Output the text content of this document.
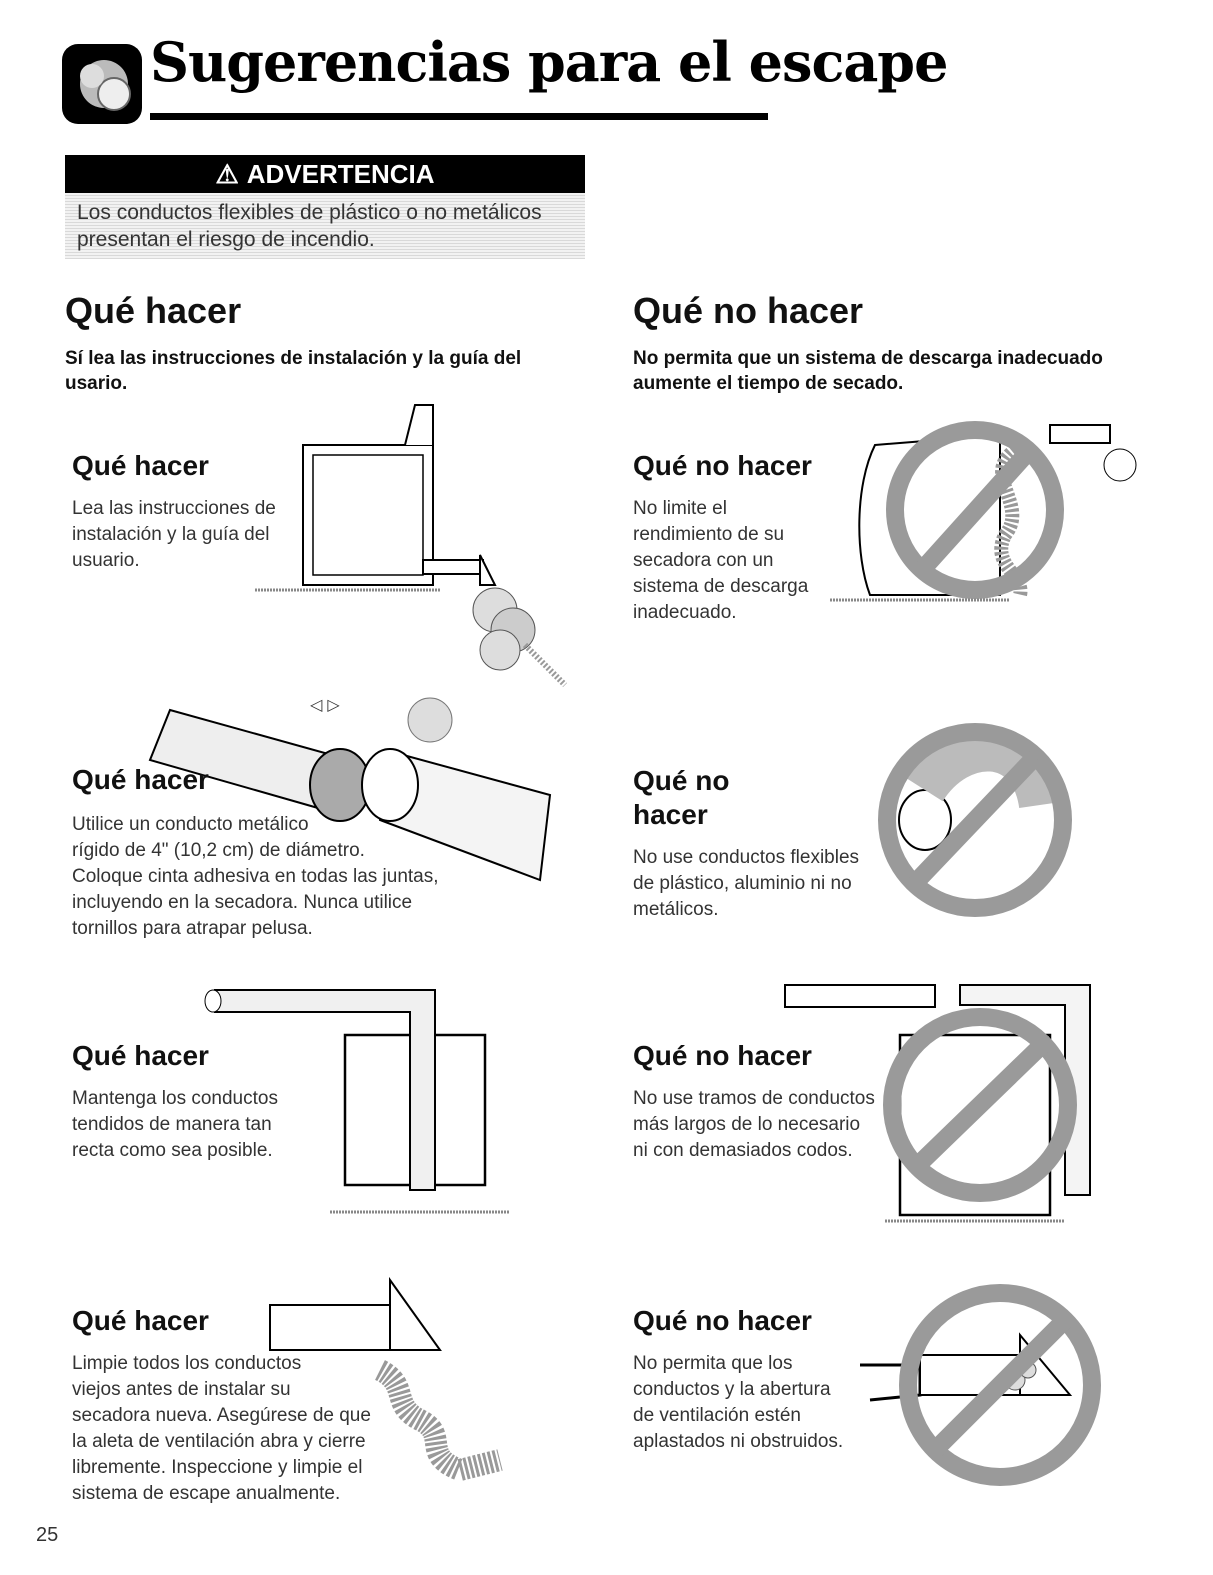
Sugerencias para el escape
⚠ ADVERTENCIA
Los conductos flexibles de plástico o no metálicos
presentan el riesgo de incendio.
Qué hacer
Sí lea las instrucciones de instalación y la guía del
usario.
Qué no hacer
No permita que un sistema de descarga inadecuado
aumente el tiempo de secado.
Qué hacer
Lea las instrucciones de
instalación y la guía del
usuario.
◁ ▷
Qué hacer
Utilice un conducto metálico
rígido de 4" (10,2 cm) de diámetro.
Coloque cinta adhesiva en todas las juntas,
incluyendo en la secadora. Nunca utilice
tornillos para atrapar pelusa.
Qué hacer
Mantenga los conductos
tendidos de manera tan
recta como sea posible.
Qué hacer
Limpie todos los conductos
viejos antes de instalar su
secadora nueva. Asegúrese de que
la aleta de ventilación abra y cierre
libremente. Inspeccione y limpie el
sistema de escape anualmente.
Qué no hacer
No limite el
rendimiento de su
secadora con un
sistema de descarga
inadecuado.
Qué no
hacer
No use conductos flexibles
de plástico, aluminio ni no
metálicos.
Qué no hacer
No use tramos de conductos
más largos de lo necesario
ni con demasiados codos.
Qué no hacer
No permita que los
conductos y la abertura
de ventilación estén
aplastados ni obstruidos.
25
